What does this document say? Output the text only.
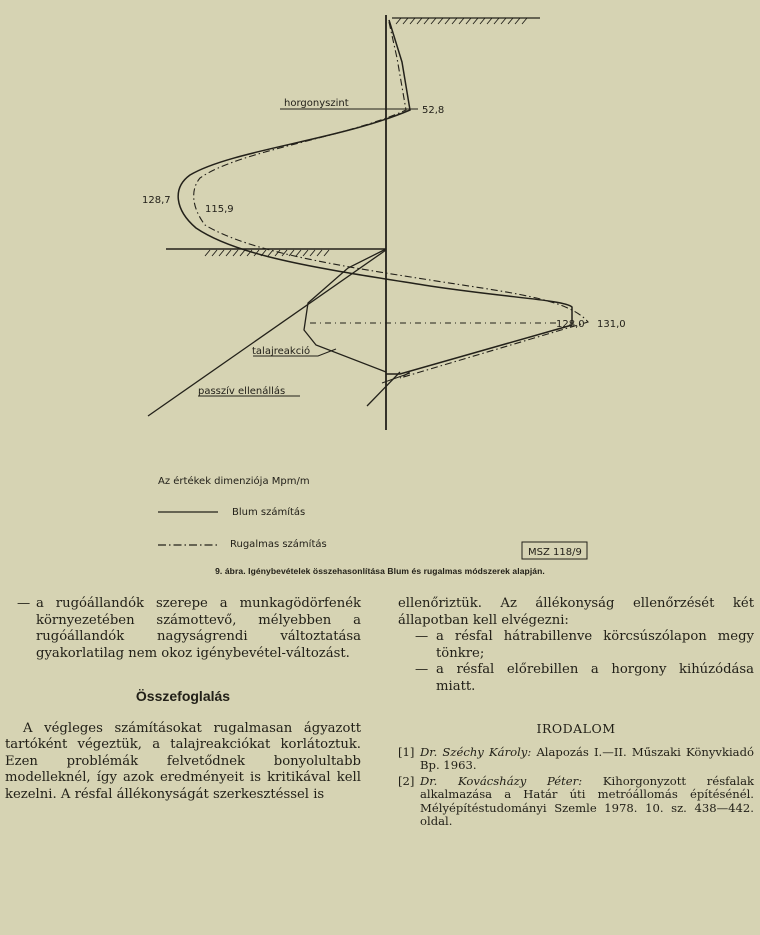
horgonyszint
52,8
128,7
115,9
128,0 131,0
talajreakció
passzív ellenállás
Az értékek dimenziója Mpm/m
Blum számítás
Rugalmas számítás
MSZ 118/9
9. ábra. Igénybevételek összehasonlítása Blum és rugalmas módszerek alapján.
— a rugóállandók szerepe a munkagödörfenék környezetében számottevő, mélyebben a rugóállandók nagyságrendi változtatása gyakorlatilag nem okoz igénybevétel-változást.
Összefoglalás
A végleges számításokat rugalmasan ágyazott tartóként végeztük, a talajreakciókat korlátoztuk. Ezen problémák felvetődnek bonyolultabb modelleknél, így azok eredményeit is kritikával kell kezelni. A résfal állékonyságát szerkesztéssel is
ellenőriztük. Az állékonyság ellenőrzését két állapotban kell elvégezni:
— a résfal hátrabillenve körcsúszólapon megy tönkre;
— a résfal előrebillen a horgony kihúzódása miatt.
IRODALOM
[1] Dr. Széchy Károly: Alapozás I.—II. Műszaki Könyvkiadó Bp. 1963.
[2] Dr. Kovácsházy Péter: Kihorgonyzott résfalak alkalmazása a Határ úti metróállomás építésénél. Mélyépítéstudományi Szemle 1978. 10. sz. 438—442. oldal.
